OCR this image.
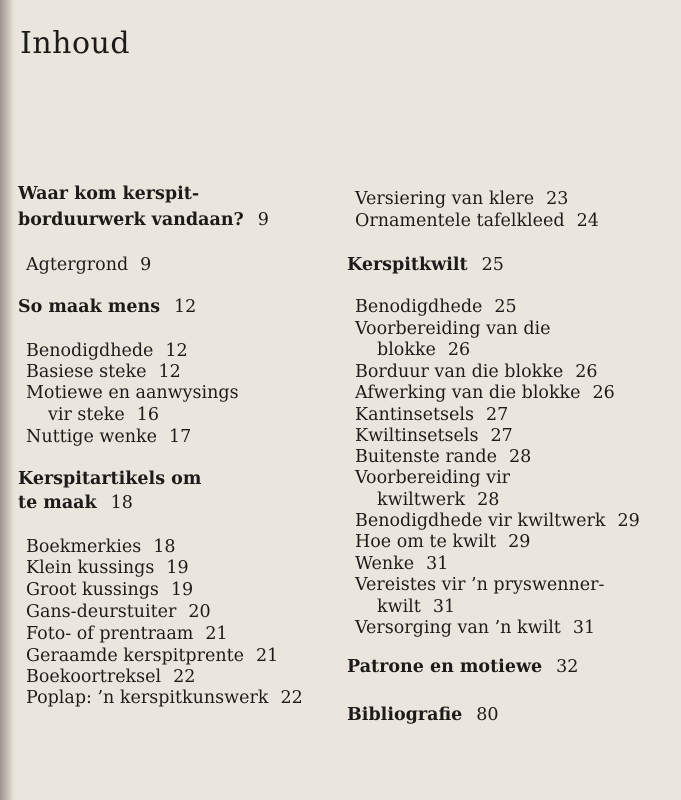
Inhoud
Waar kom kerspit-
borduurwerk vandaan? 9
Agtergrond 9
So maak mens 12
Benodigdhede 12
Basiese steke 12
Motiewe en aanwysings
vir steke 16
Nuttige wenke 17
Kerspitartikels om
te maak 18
Boekmerkies 18
Klein kussings 19
Groot kussings 19
Gans-deurstuiter 20
Foto- of prentraam 21
Geraamde kerspitprente 21
Boekoortreksel 22
Poplap: ’n kerspitkunswerk 22
Versiering van klere 23
Ornamentele tafelkleed 24
Kerspitkwilt 25
Benodigdhede 25
Voorbereiding van die
blokke 26
Borduur van die blokke 26
Afwerking van die blokke 26
Kantinsetsels 27
Kwiltinsetsels 27
Buitenste rande 28
Voorbereiding vir
kwiltwerk 28
Benodigdhede vir kwiltwerk 29
Hoe om te kwilt 29
Wenke 31
Vereistes vir ’n pryswenner-
kwilt 31
Versorging van ’n kwilt 31
Patrone en motiewe 32
Bibliografie 80
